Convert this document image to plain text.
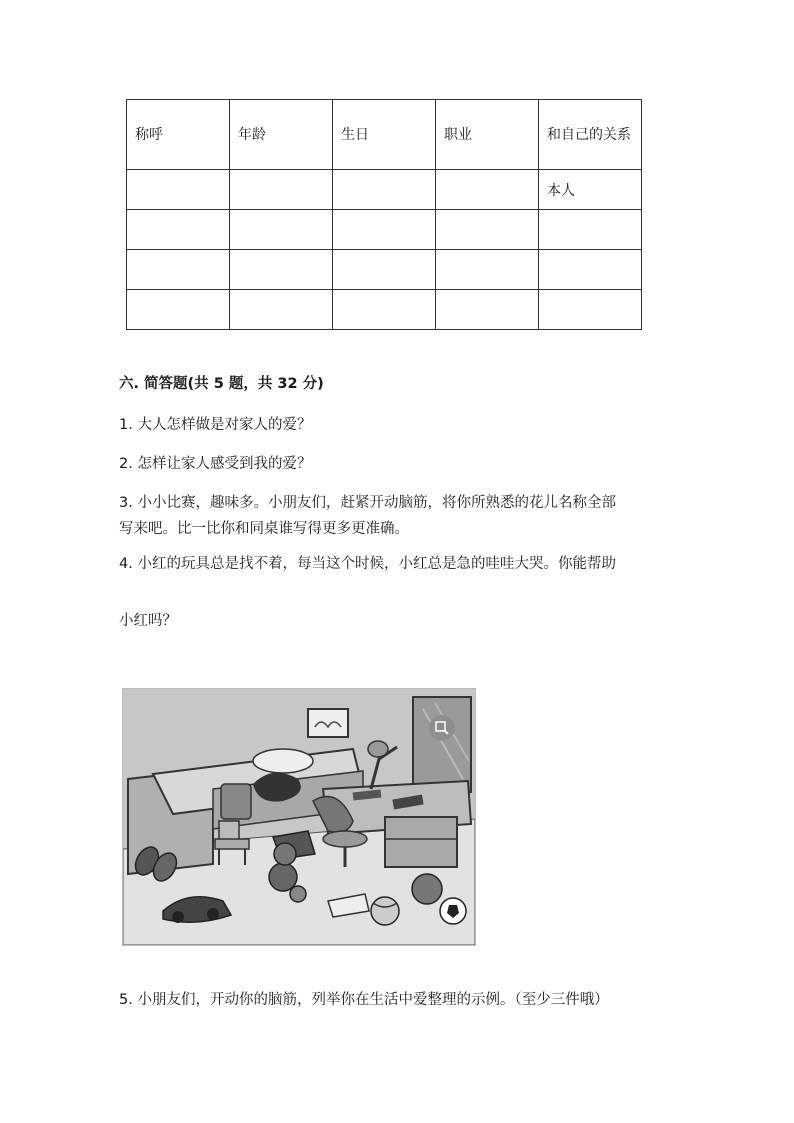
称呼	年龄	生日	职业	和自己的关系
				本人

六. 简答题(共 5 题，共 32 分)
1. 大人怎样做是对家人的爱？
2. 怎样让家人感受到我的爱？
3. 小小比赛，趣味多。小朋友们，赶紧开动脑筋，将你所熟悉的花儿名称全部
写来吧。比一比你和同桌谁写得更多更准确。
4. 小红的玩具总是找不着，每当这个时候，小红总是急的哇哇大哭。你能帮助
小红吗？
5. 小朋友们，开动你的脑筋，列举你在生活中爱整理的示例。（至少三件哦）
